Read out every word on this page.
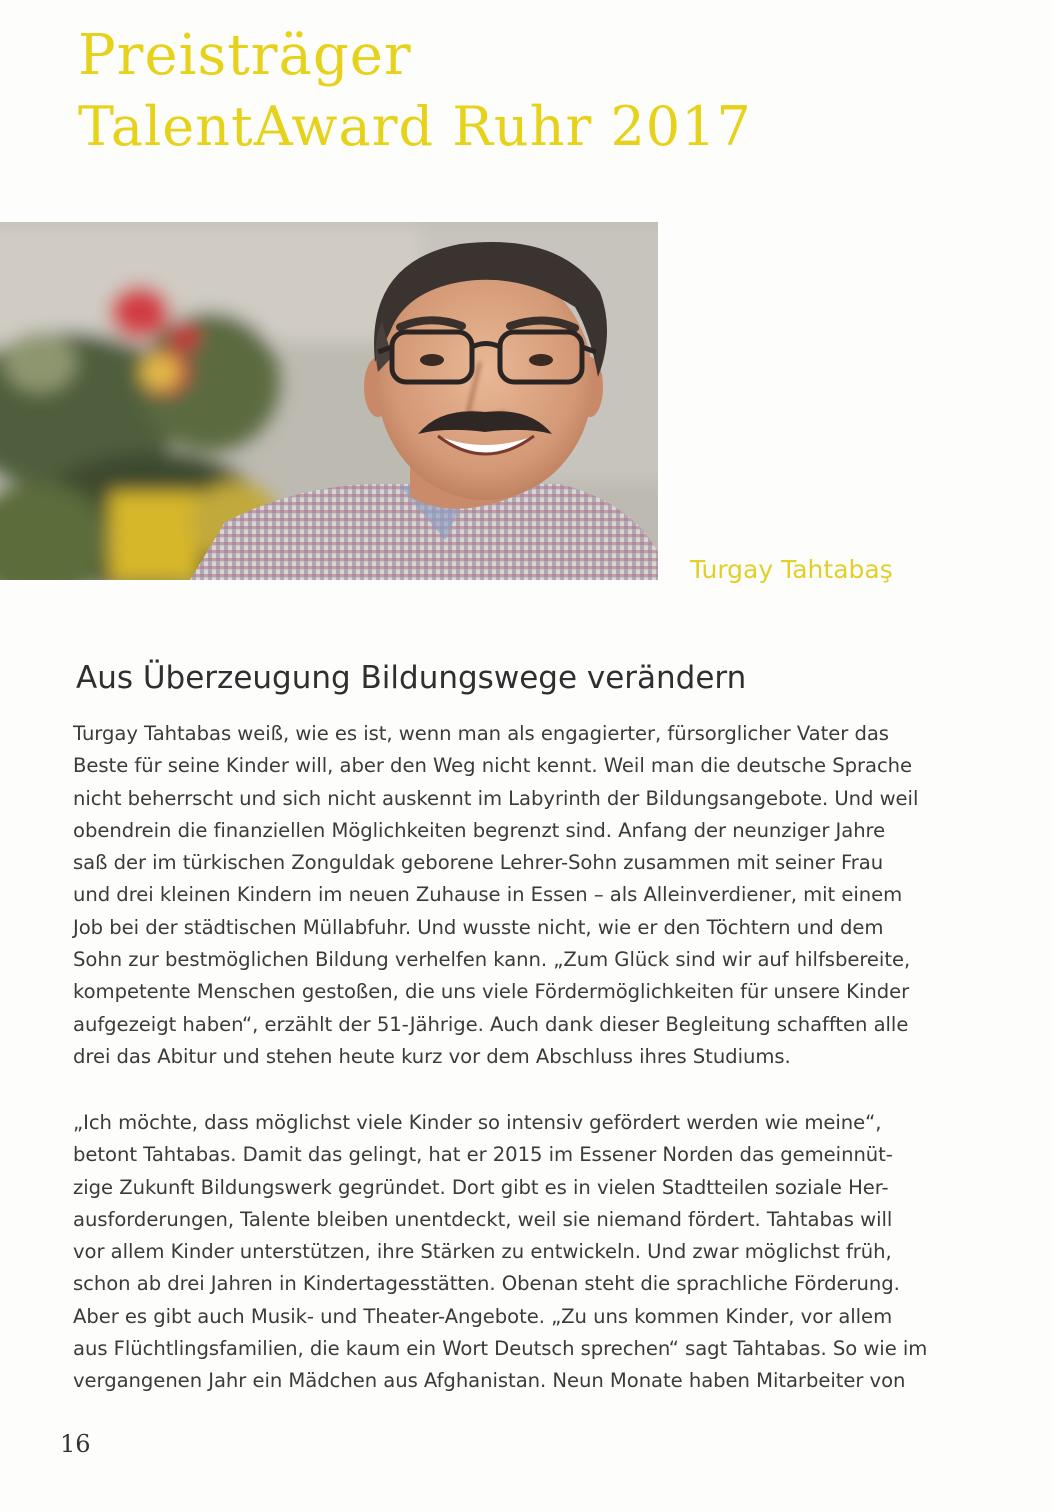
Preisträger
TalentAward Ruhr 2017
Turgay Tahtabaş
Aus Überzeugung Bildungswege verändern

Turgay Tahtabas weiß, wie es ist, wenn man als engagierter, fürsorglicher Vater das
Beste für seine Kinder will, aber den Weg nicht kennt. Weil man die deutsche Sprache
nicht beherrscht und sich nicht auskennt im Labyrinth der Bildungsangebote. Und weil
obendrein die finanziellen Möglichkeiten begrenzt sind. Anfang der neunziger Jahre
saß der im türkischen Zonguldak geborene Lehrer-Sohn zusammen mit seiner Frau
und drei kleinen Kindern im neuen Zuhause in Essen – als Alleinverdiener, mit einem
Job bei der städtischen Müllabfuhr. Und wusste nicht, wie er den Töchtern und dem
Sohn zur bestmöglichen Bildung verhelfen kann. „Zum Glück sind wir auf hilfsbereite,
kompetente Menschen gestoßen, die uns viele Fördermöglichkeiten für unsere Kinder
aufgezeigt haben“, erzählt der 51-Jährige. Auch dank dieser Begleitung schafften alle
drei das Abitur und stehen heute kurz vor dem Abschluss ihres Studiums.

„Ich möchte, dass möglichst viele Kinder so intensiv gefördert werden wie meine“,
betont Tahtabas. Damit das gelingt, hat er 2015 im Essener Norden das gemeinnüt-
zige Zukunft Bildungswerk gegründet. Dort gibt es in vielen Stadtteilen soziale Her-
ausforderungen, Talente bleiben unentdeckt, weil sie niemand fördert. Tahtabas will
vor allem Kinder unterstützen, ihre Stärken zu entwickeln. Und zwar möglichst früh,
schon ab drei Jahren in Kindertagesstätten. Obenan steht die sprachliche Förderung.
Aber es gibt auch Musik- und Theater-Angebote. „Zu uns kommen Kinder, vor allem
aus Flüchtlingsfamilien, die kaum ein Wort Deutsch sprechen“ sagt Tahtabas. So wie im
vergangenen Jahr ein Mädchen aus Afghanistan. Neun Monate haben Mitarbeiter von

16
